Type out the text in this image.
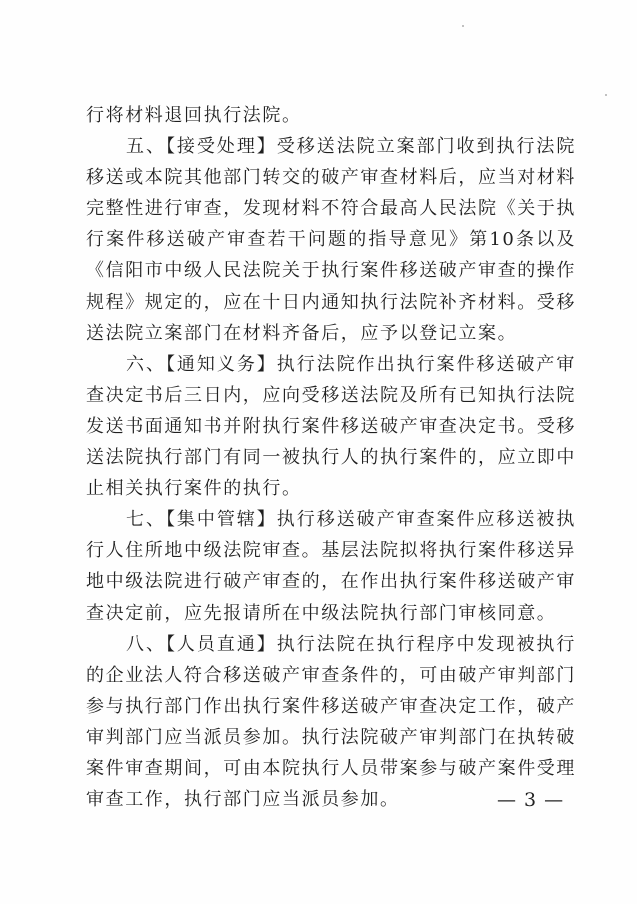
行将材料退回执行法院。

五、【接受处理】受移送法院立案部门收到执行法院移送或本院其他部门转交的破产审查材料后，应当对材料完整性进行审查，发现材料不符合最高人民法院《关于执行案件移送破产审查若干问题的指导意见》第10条以及《信阳市中级人民法院关于执行案件移送破产审查的操作规程》规定的，应在十日内通知执行法院补齐材料。受移送法院立案部门在材料齐备后，应予以登记立案。

六、【通知义务】执行法院作出执行案件移送破产审查决定书后三日内，应向受移送法院及所有已知执行法院发送书面通知书并附执行案件移送破产审查决定书。受移送法院执行部门有同一被执行人的执行案件的，应立即中止相关执行案件的执行。

七、【集中管辖】执行移送破产审查案件应移送被执行人住所地中级法院审查。基层法院拟将执行案件移送异地中级法院进行破产审查的，在作出执行案件移送破产审查决定前，应先报请所在中级法院执行部门审核同意。

八、【人员直通】执行法院在执行程序中发现被执行的企业法人符合移送破产审查条件的，可由破产审判部门参与执行部门作出执行案件移送破产审查决定工作，破产审判部门应当派员参加。执行法院破产审判部门在执转破案件审查期间，可由本院执行人员带案参与破产案件受理审查工作，执行部门应当派员参加。	— 3 —
